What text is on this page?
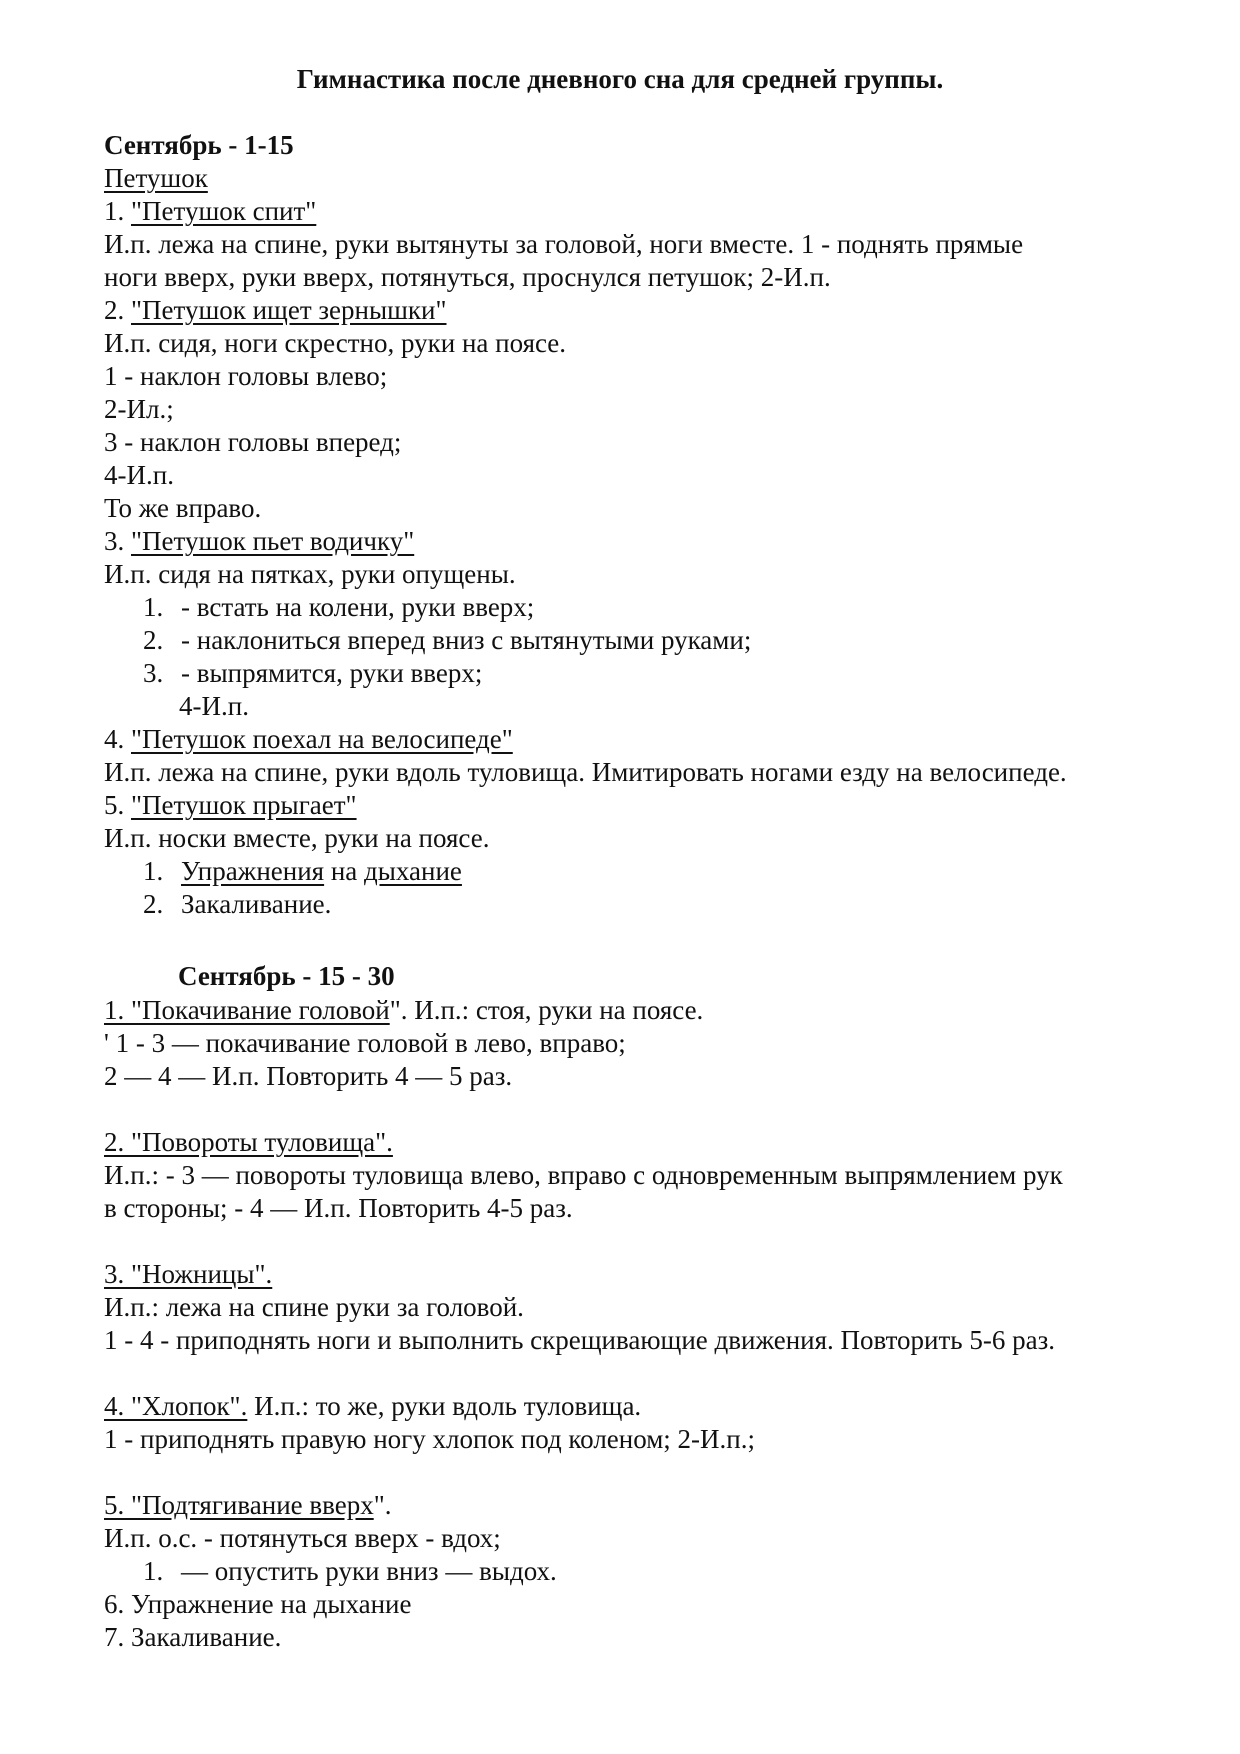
Гимнастика после дневного сна для средней группы.
Сентябрь - 1-15
Петушок
1. "Петушок спит"
И.п. лежа на спине, руки вытянуты за головой, ноги вместе. 1 - поднять прямые
ноги вверх, руки вверх, потянуться, проснулся петушок; 2-И.п.
2. "Петушок ищет зернышки"
И.п. сидя, ноги скрестно, руки на поясе.
1 - наклон головы влево;
2-Ил.;
3 - наклон головы вперед;
4-И.п.
То же вправо.
3. "Петушок пьет водичку"
И.п. сидя на пятках, руки опущены.
1. - встать на колени, руки вверх;
2. - наклониться вперед вниз с вытянутыми руками;
3. - выпрямится, руки вверх;
4-И.п.
4. "Петушок поехал на велосипеде"
И.п. лежа на спине, руки вдоль туловища. Имитировать ногами езду на велосипеде.
5. "Петушок прыгает"
И.п. носки вместе, руки на поясе.
1. Упражнения на дыхание
2. Закаливание.
Сентябрь - 15 - 30
1. "Покачивание головой". И.п.: стоя, руки на поясе.
' 1 - 3 — покачивание головой в лево, вправо;
2 — 4 — И.п. Повторить 4 — 5 раз.
2. "Повороты туловища".
И.п.: - 3 — повороты туловища влево, вправо с одновременным выпрямлением рук
в стороны; - 4 — И.п. Повторить 4-5 раз.
3. "Ножницы".
И.п.: лежа на спине руки за головой.
1 - 4 - приподнять ноги и выполнить скрещивающие движения. Повторить 5-6 раз.
4. "Хлопок". И.п.: то же, руки вдоль туловища.
1 - приподнять правую ногу хлопок под коленом; 2-И.п.;
5. "Подтягивание вверх".
И.п. о.с. - потянуться вверх - вдох;
1. — опустить руки вниз — выдох.
6. Упражнение на дыхание
7. Закаливание.
